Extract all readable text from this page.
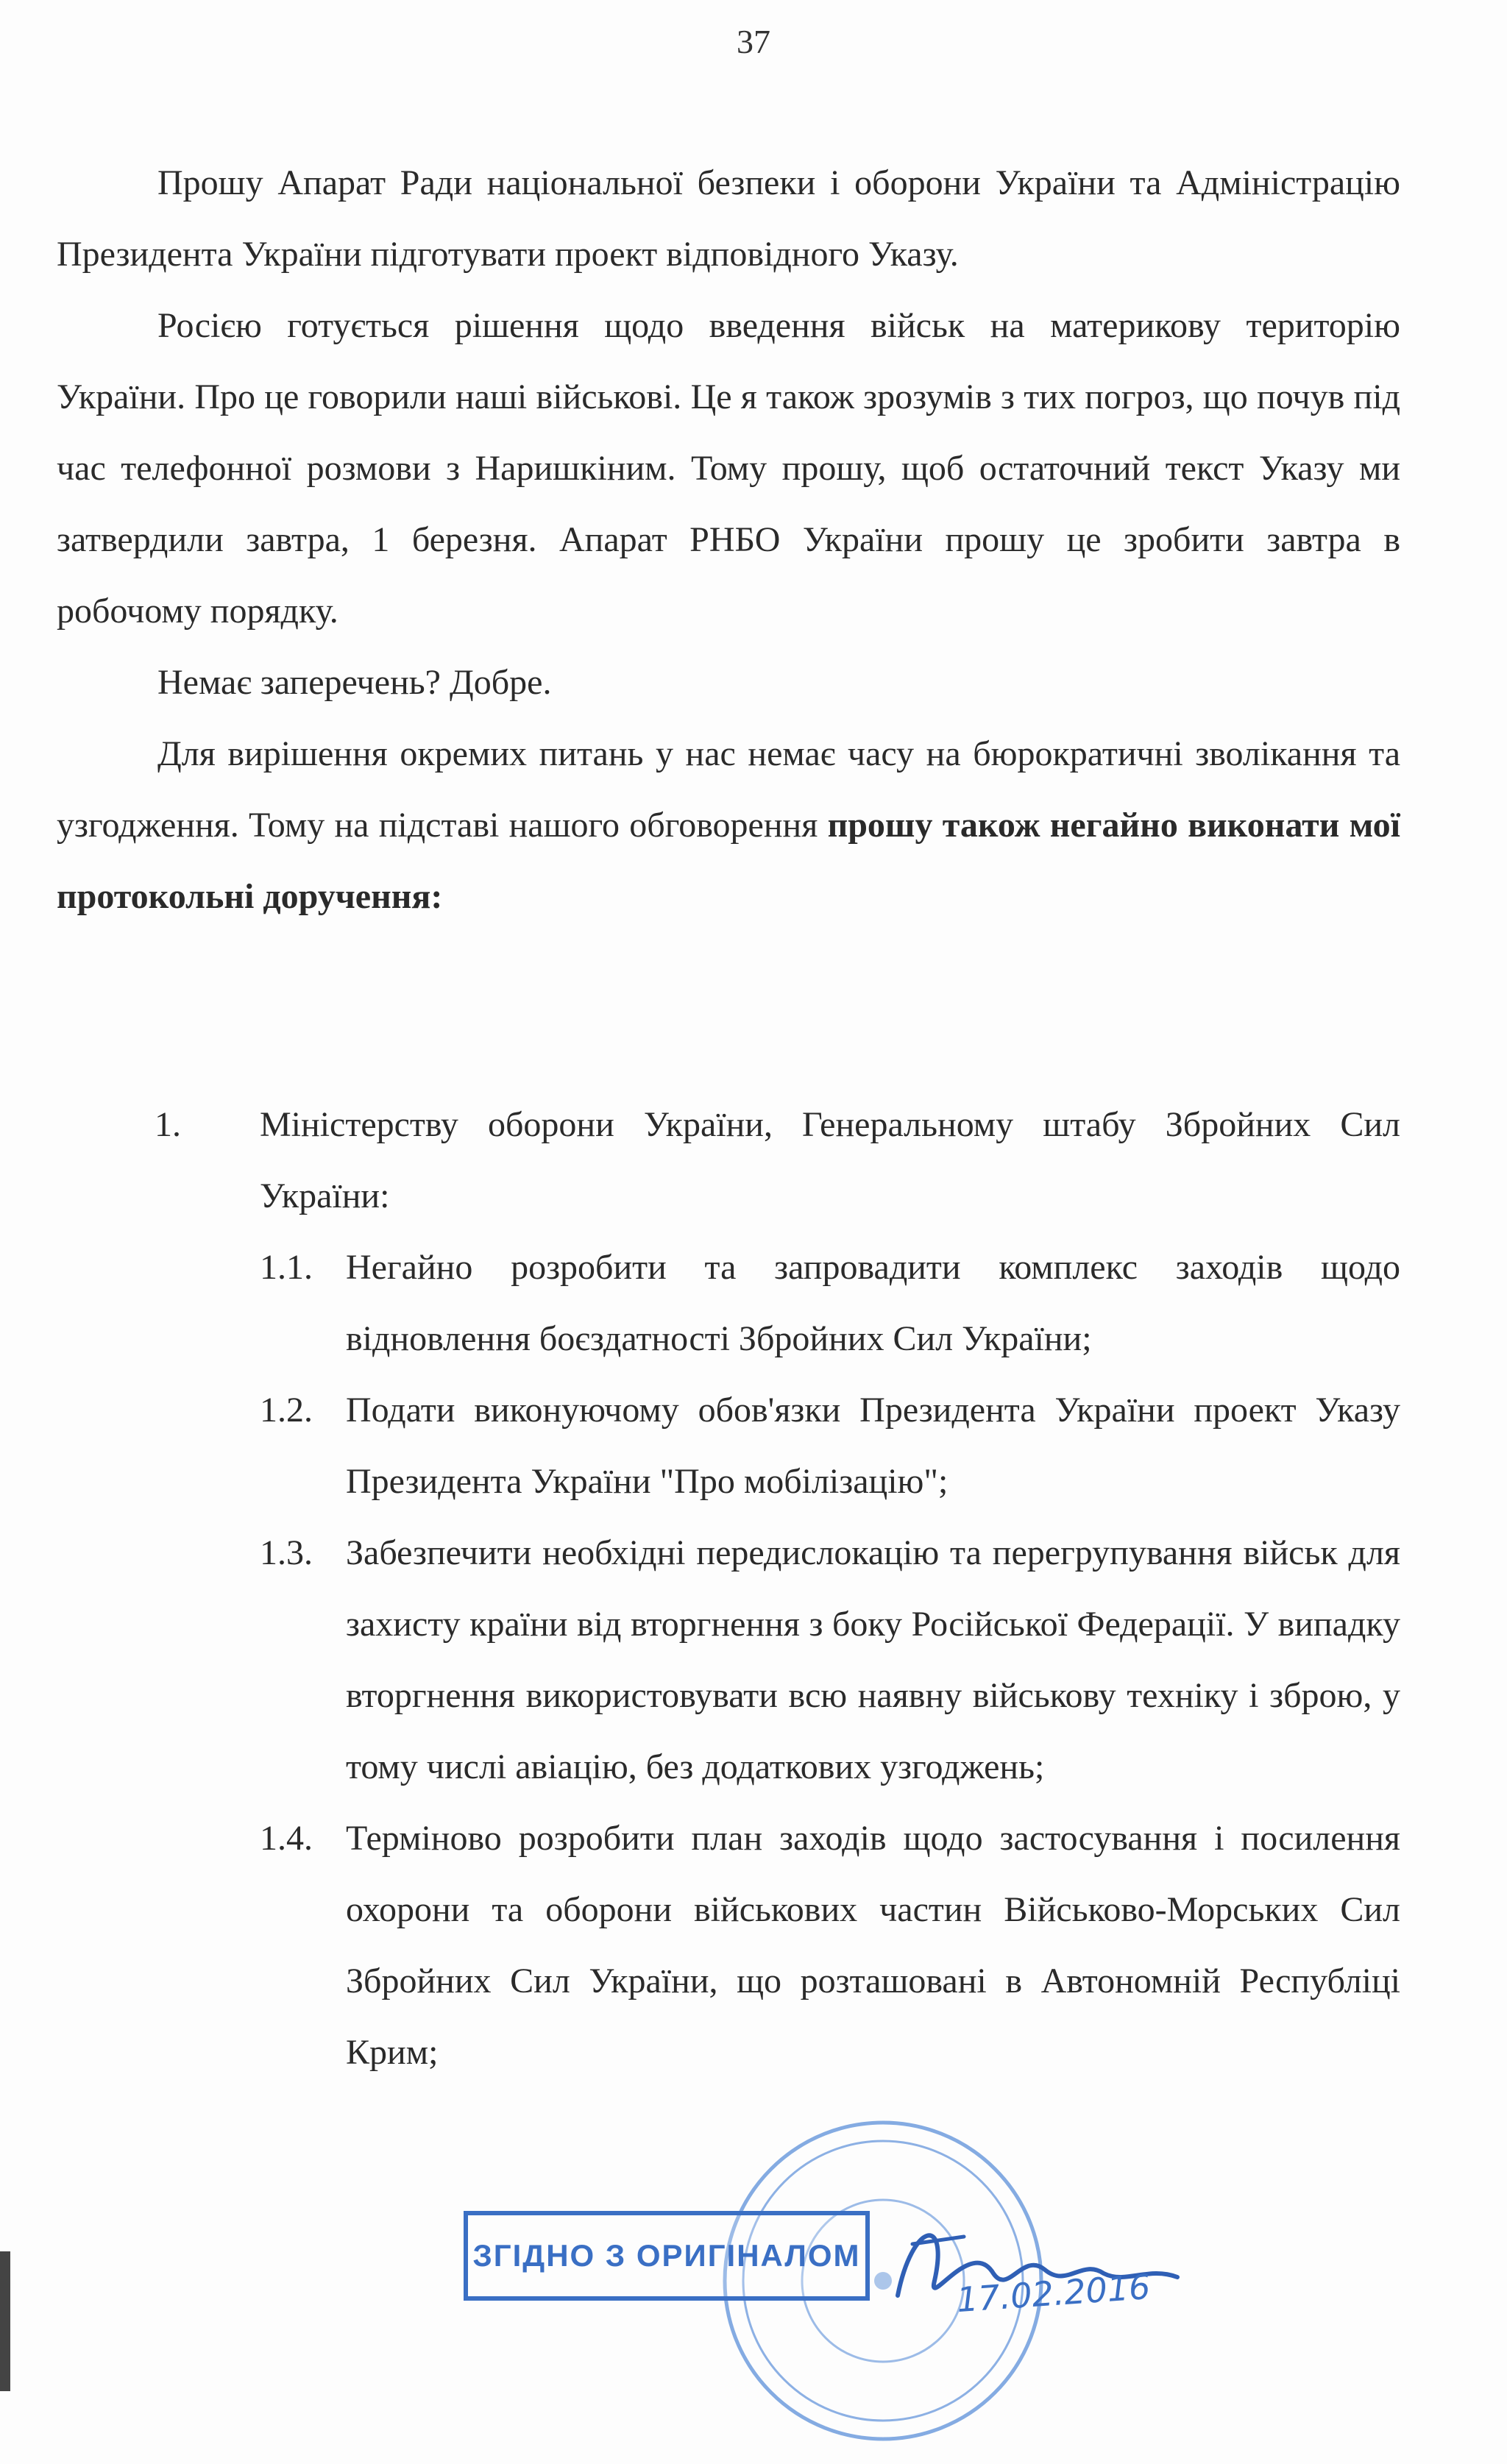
37

Прошу Апарат Ради національної безпеки і оборони України та Адміністрацію Президента України підготувати проект відповідного Указу.

Росією готується рішення щодо введення військ на материкову територію України. Про це говорили наші військові. Це я також зрозумів з тих погроз, що почув під час телефонної розмови з Наришкіним. Тому прошу, щоб остаточний текст Указу ми затвердили завтра, 1 березня. Апарат РНБО України прошу це зробити завтра в робочому порядку.

Немає заперечень? Добре.

Для вирішення окремих питань у нас немає часу на бюрократичні зволікання та узгодження. Тому на підставі нашого обговорення прошу також негайно виконати мої протокольні доручення:

1. Міністерству оборони України, Генеральному штабу Збройних Сил України:
1.1. Негайно розробити та запровадити комплекс заходів щодо відновлення боєздатності Збройних Сил України;
1.2. Подати виконуючому обов'язки Президента України проект Указу Президента України "Про мобілізацію";
1.3. Забезпечити необхідні передислокацію та перегрупування військ для захисту країни від вторгнення з боку Російської Федерації. У випадку вторгнення використовувати всю наявну військову техніку і зброю, у тому числі авіацію, без додаткових узгоджень;
1.4. Терміново розробити план заходів щодо застосування і посилення охорони та оборони військових частин Військово-Морських Сил Збройних Сил України, що розташовані в Автономній Республіці Крим;
ЗГІДНО З ОРИГІНАЛОМ
17.02.2016
